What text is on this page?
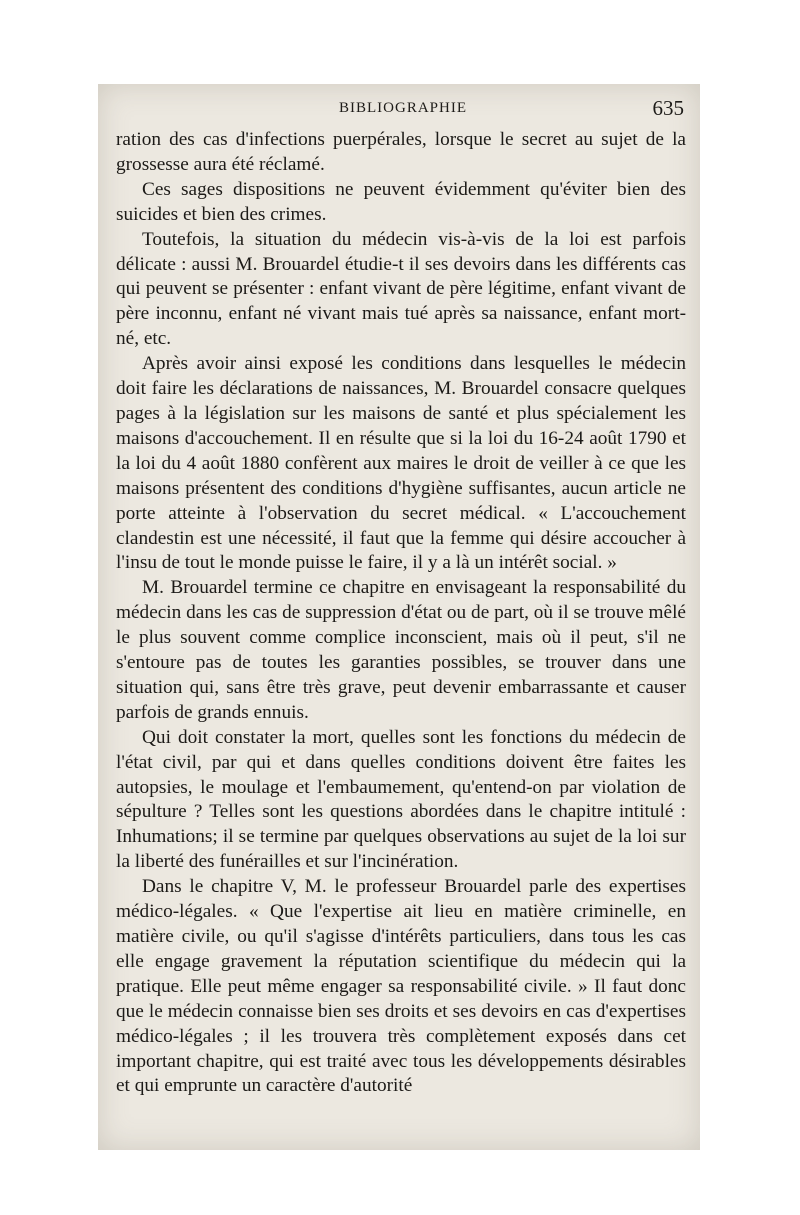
BIBLIOGRAPHIE	635

ration des cas d'infections puerpérales, lorsque le secret au sujet de la grossesse aura été réclamé.

Ces sages dispositions ne peuvent évidemment qu'éviter bien des suicides et bien des crimes.

Toutefois, la situation du médecin vis-à-vis de la loi est parfois délicate : aussi M. Brouardel étudie-t il ses devoirs dans les différents cas qui peuvent se présenter : enfant vivant de père légitime, enfant vivant de père inconnu, enfant né vivant mais tué après sa naissance, enfant mort-né, etc.

Après avoir ainsi exposé les conditions dans lesquelles le médecin doit faire les déclarations de naissances, M. Brouardel consacre quelques pages à la législation sur les maisons de santé et plus spécialement les maisons d'accouchement. Il en résulte que si la loi du 16-24 août 1790 et la loi du 4 août 1880 confèrent aux maires le droit de veiller à ce que les maisons présentent des conditions d'hygiène suffisantes, aucun article ne porte atteinte à l'observation du secret médical. « L'accouchement clandestin est une nécessité, il faut que la femme qui désire accoucher à l'insu de tout le monde puisse le faire, il y a là un intérêt social. »

M. Brouardel termine ce chapitre en envisageant la responsabilité du médecin dans les cas de suppression d'état ou de part, où il se trouve mêlé le plus souvent comme complice inconscient, mais où il peut, s'il ne s'entoure pas de toutes les garanties possibles, se trouver dans une situation qui, sans être très grave, peut devenir embarrassante et causer parfois de grands ennuis.

Qui doit constater la mort, quelles sont les fonctions du médecin de l'état civil, par qui et dans quelles conditions doivent être faites les autopsies, le moulage et l'embaumement, qu'entend-on par violation de sépulture ? Telles sont les questions abordées dans le chapitre intitulé : Inhumations; il se termine par quelques observations au sujet de la loi sur la liberté des funérailles et sur l'incinération.

Dans le chapitre V, M. le professeur Brouardel parle des expertises médico-légales. « Que l'expertise ait lieu en matière criminelle, en matière civile, ou qu'il s'agisse d'intérêts particuliers, dans tous les cas elle engage gravement la réputation scientifique du médecin qui la pratique. Elle peut même engager sa responsabilité civile. » Il faut donc que le médecin connaisse bien ses droits et ses devoirs en cas d'expertises médico-légales ; il les trouvera très complètement exposés dans cet important chapitre, qui est traité avec tous les développements désirables et qui emprunte un caractère d'autorité
